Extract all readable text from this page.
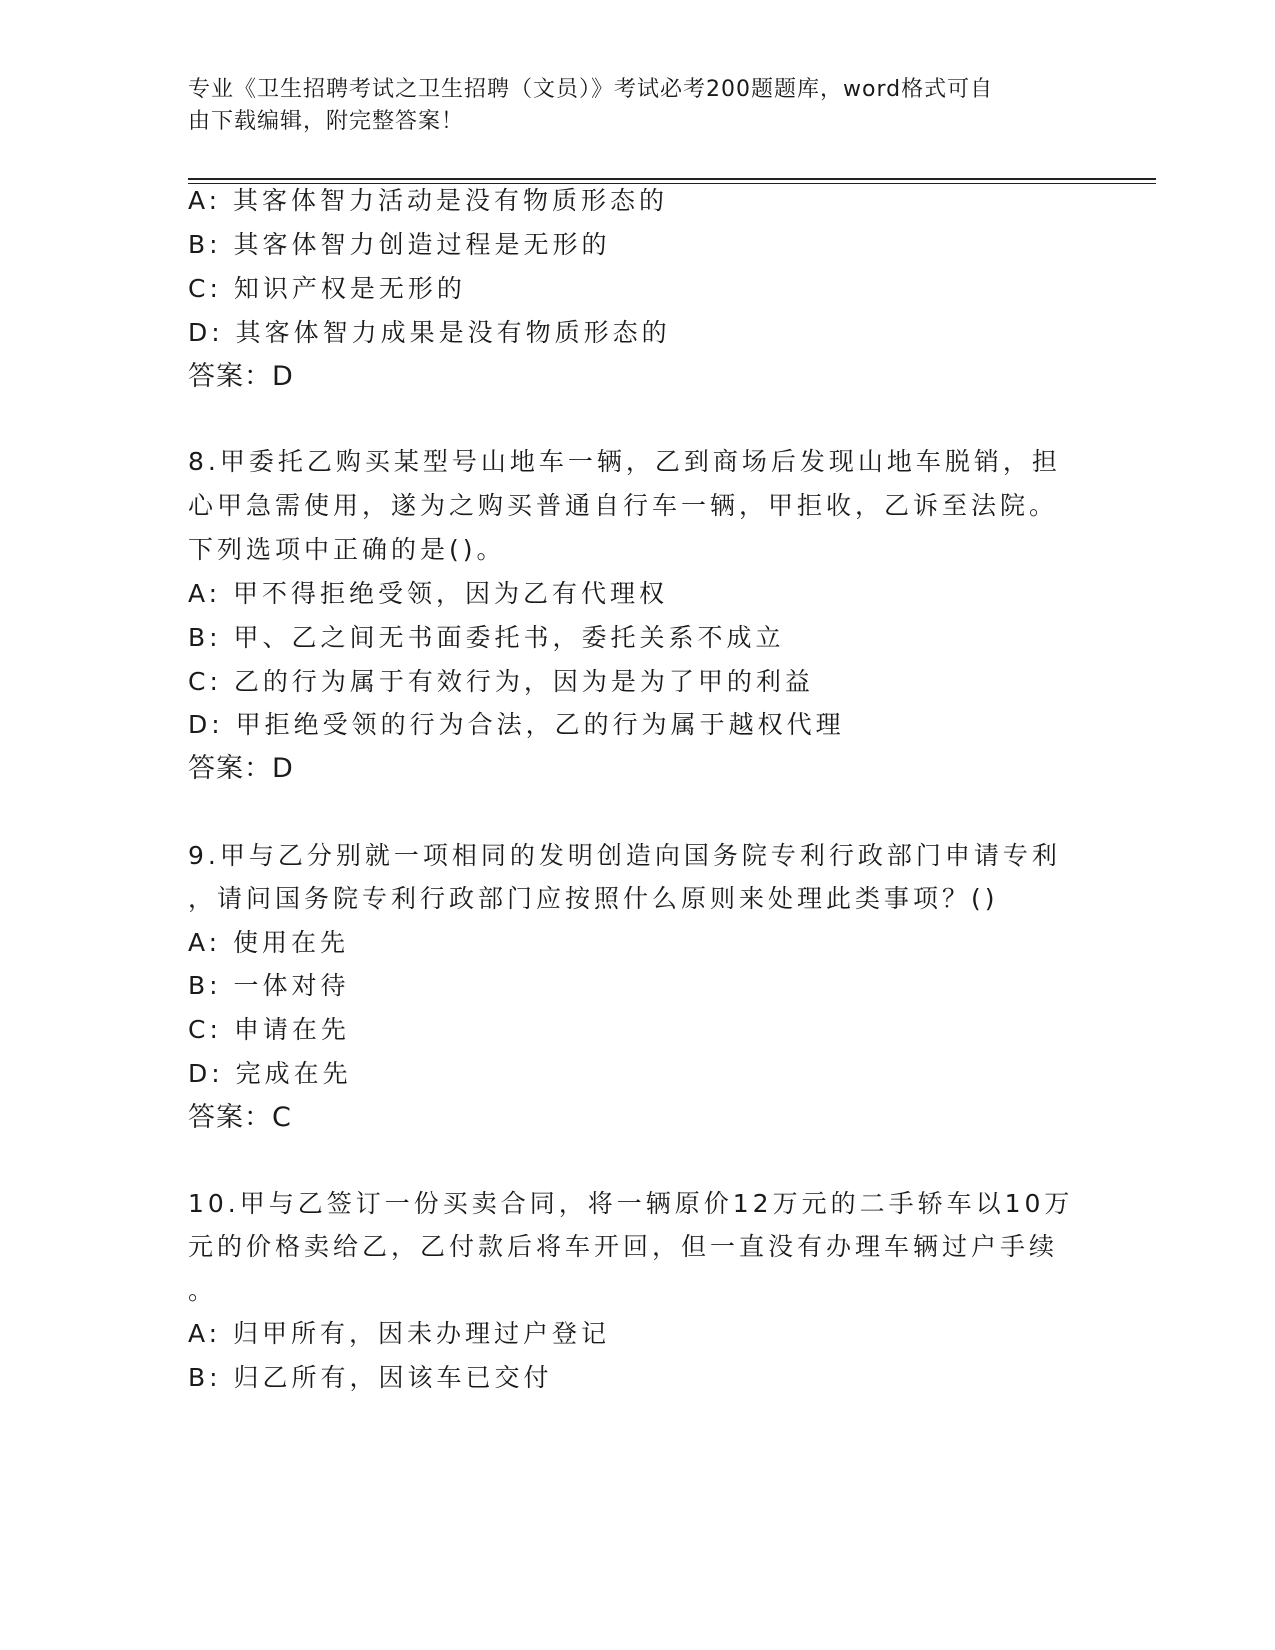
专业《卫生招聘考试之卫生招聘（文员）》考试必考200题题库，word格式可自
由下载编辑，附完整答案！
A: 其客体智力活动是没有物质形态的
B: 其客体智力创造过程是无形的
C: 知识产权是无形的
D: 其客体智力成果是没有物质形态的
答案：D
8.甲委托乙购买某型号山地车一辆，乙到商场后发现山地车脱销，担
心甲急需使用，遂为之购买普通自行车一辆，甲拒收，乙诉至法院。
下列选项中正确的是()。
A: 甲不得拒绝受领，因为乙有代理权
B: 甲、乙之间无书面委托书，委托关系不成立
C: 乙的行为属于有效行为，因为是为了甲的利益
D: 甲拒绝受领的行为合法，乙的行为属于越权代理
答案：D
9.甲与乙分别就一项相同的发明创造向国务院专利行政部门申请专利
，请问国务院专利行政部门应按照什么原则来处理此类事项？()
A: 使用在先
B: 一体对待
C: 申请在先
D: 完成在先
答案：C
10.甲与乙签订一份买卖合同，将一辆原价12万元的二手轿车以10万
元的价格卖给乙，乙付款后将车开回，但一直没有办理车辆过户手续
。
A: 归甲所有，因未办理过户登记
B: 归乙所有，因该车已交付
